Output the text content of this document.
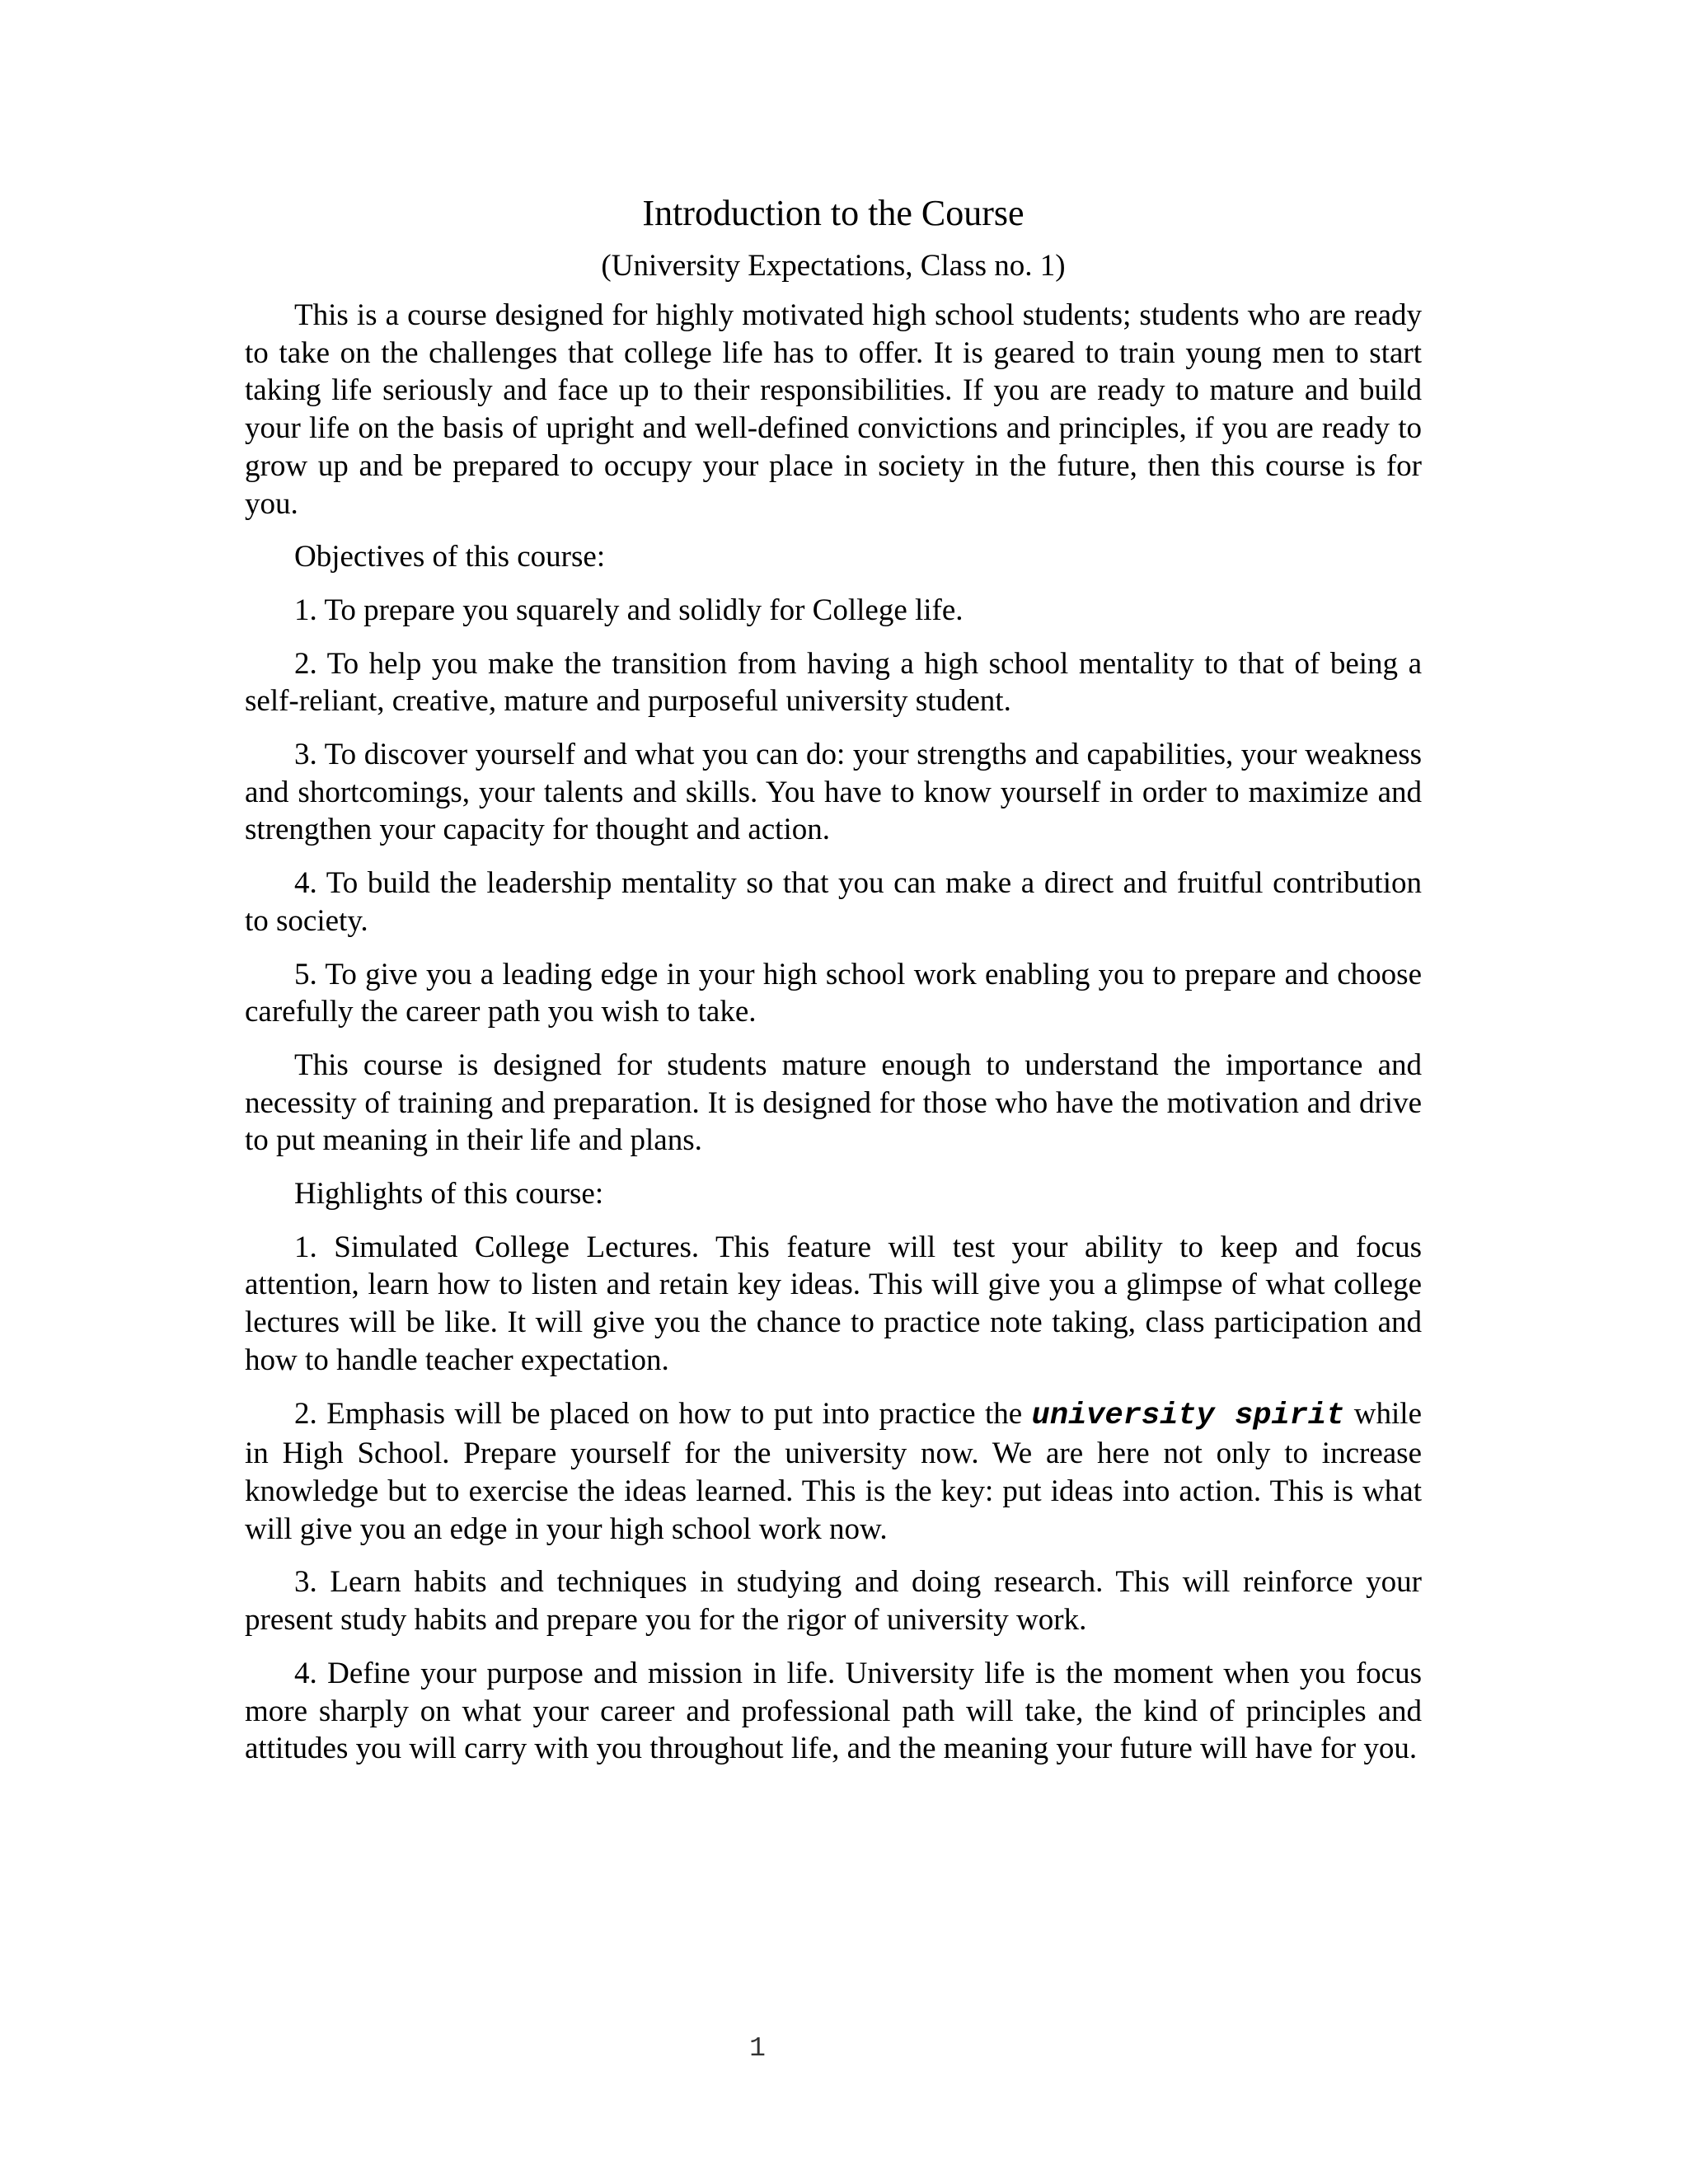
Introduction to the Course
(University Expectations, Class no. 1)

This is a course designed for highly motivated high school students; students who are ready to take on the challenges that college life has to offer. It is geared to train young men to start taking life seriously and face up to their responsibilities. If you are ready to mature and build your life on the basis of upright and well-defined convictions and principles, if you are ready to grow up and be prepared to occupy your place in society in the future, then this course is for you.

Objectives of this course:

1. To prepare you squarely and solidly for College life.

2. To help you make the transition from having a high school mentality to that of being a self-reliant, creative, mature and purposeful university student.

3. To discover yourself and what you can do: your strengths and capabilities, your weakness and shortcomings, your talents and skills. You have to know yourself in order to maximize and strengthen your capacity for thought and action.

4. To build the leadership mentality so that you can make a direct and fruitful contribution to society.

5. To give you a leading edge in your high school work enabling you to prepare and choose carefully the career path you wish to take.

This course is designed for students mature enough to understand the importance and necessity of training and preparation. It is designed for those who have the motivation and drive to put meaning in their life and plans.

Highlights of this course:

1. Simulated College Lectures. This feature will test your ability to keep and focus attention, learn how to listen and retain key ideas. This will give you a glimpse of what college lectures will be like. It will give you the chance to practice note taking, class participation and how to handle teacher expectation.

2. Emphasis will be placed on how to put into practice the university spirit while in High School. Prepare yourself for the university now. We are here not only to increase knowledge but to exercise the ideas learned. This is the key: put ideas into action. This is what will give you an edge in your high school work now.

3. Learn habits and techniques in studying and doing research. This will reinforce your present study habits and prepare you for the rigor of university work.

4. Define your purpose and mission in life. University life is the moment when you focus more sharply on what your career and professional path will take, the kind of principles and attitudes you will carry with you throughout life, and the meaning your future will have for you.

1
